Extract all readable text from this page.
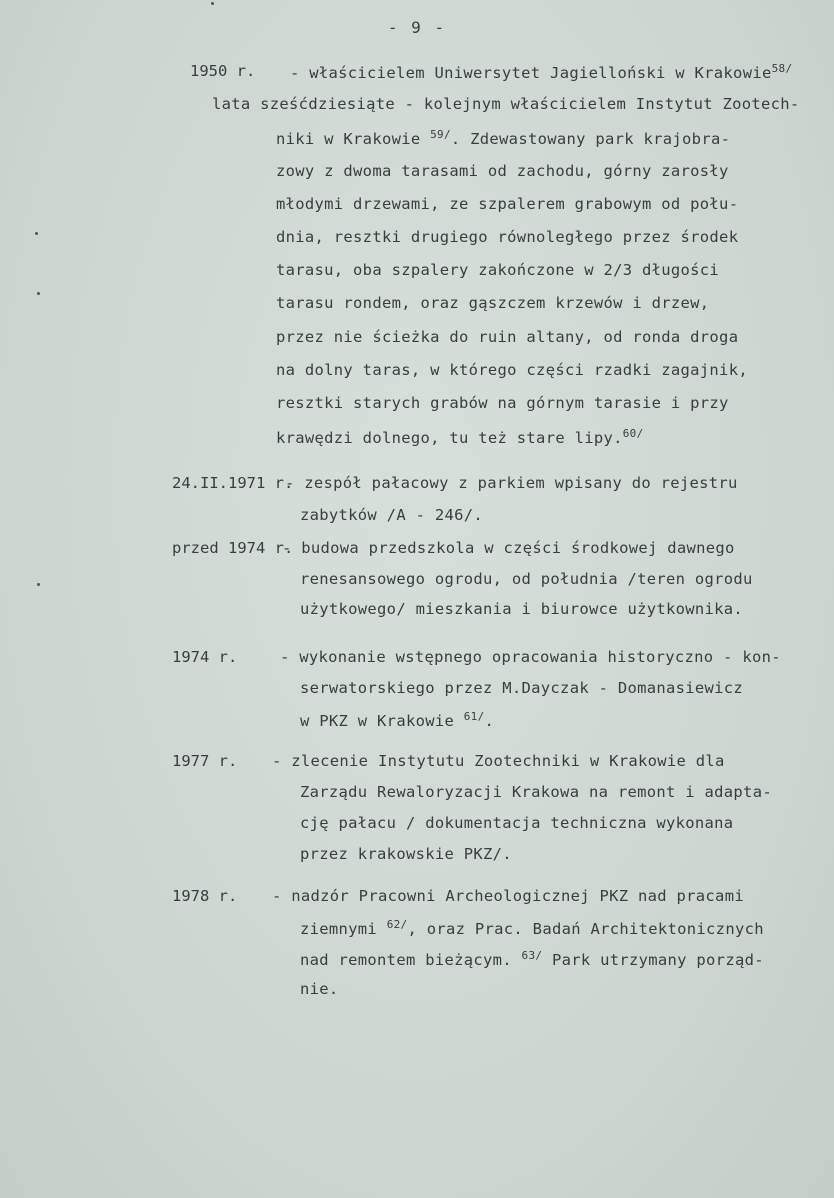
- 9 -
1950 r. - właścicielem Uniwersytet Jagielloński w Krakowie$^{58/}$
lata sześćdziesiąte - kolejnym właścicielem Instytut Zootech-
niki w Krakowie $^{59/}$. Zdewastowany park krajobra-
zowy z dwoma tarasami od zachodu, górny zarosły
młodymi drzewami, ze szpalerem grabowym od połu-
dnia, resztki drugiego równoległego przez środek
tarasu, oba szpalery zakończone w 2/3 długości
tarasu rondem, oraz gąszczem krzewów i drzew,
przez nie ścieżka do ruin altany, od ronda droga
na dolny taras, w którego części rzadki zagajnik,
resztki starych grabów na górnym tarasie i przy
krawędzi dolnego, tu też stare lipy.$^{60/}$
24.II.1971 r.
- zespół pałacowy z parkiem wpisany do rejestru
zabytków /A - 246/.
przed 1974 r.
- budowa przedszkola w części środkowej dawnego
renesansowego ogrodu, od południa /teren ogrodu
użytkowego/ mieszkania i biurowce użytkownika.
1974 r.	- wykonanie wstępnego opracowania historyczno - kon-
serwatorskiego przez M.Dayczak - Domanasiewicz
w PKZ w Krakowie $^{61/}$.
1977 r. - zlecenie Instytutu Zootechniki w Krakowie dla
Zarządu Rewaloryzacji Krakowa na remont i adapta-
cję pałacu / dokumentacja techniczna wykonana
przez krakowskie PKZ/.
1978 r. - nadzór Pracowni Archeologicznej PKZ nad pracami
ziemnymi $^{62/}$, oraz Prac. Badań Architektonicznych
nad remontem bieżącym. $^{63/}$ Park utrzymany porząd-
nie.
